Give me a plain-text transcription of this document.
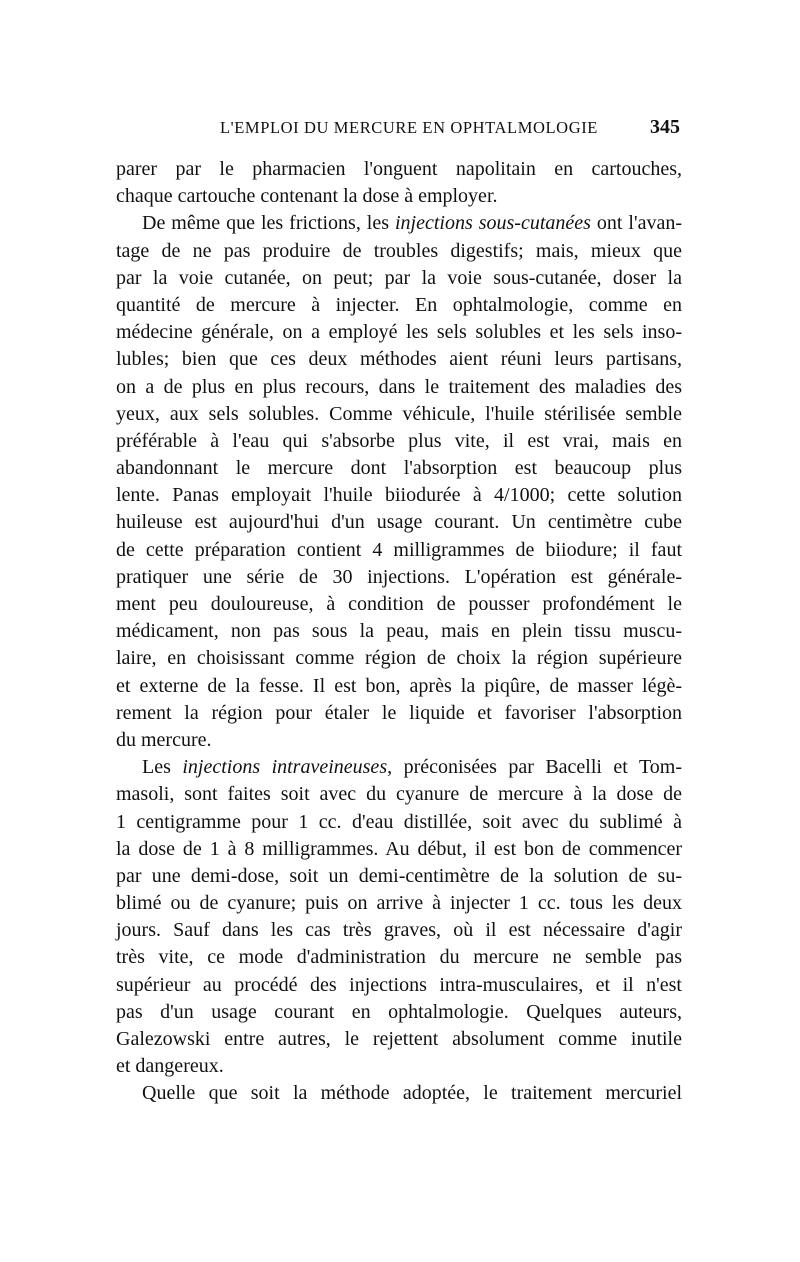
L'EMPLOI DU MERCURE EN OPHTALMOLOGIE	345
parer par le pharmacien l'onguent napolitain en cartouches,
chaque cartouche contenant la dose à employer.
De même que les frictions, les injections sous-cutanées ont l'avan-
tage de ne pas produire de troubles digestifs; mais, mieux que
par la voie cutanée, on peut; par la voie sous-cutanée, doser la
quantité de mercure à injecter. En ophtalmologie, comme en
médecine générale, on a employé les sels solubles et les sels inso-
lubles; bien que ces deux méthodes aient réuni leurs partisans,
on a de plus en plus recours, dans le traitement des maladies des
yeux, aux sels solubles. Comme véhicule, l'huile stérilisée semble
préférable à l'eau qui s'absorbe plus vite, il est vrai, mais en
abandonnant le mercure dont l'absorption est beaucoup plus
lente. Panas employait l'huile biiodurée à 4/1000; cette solution
huileuse est aujourd'hui d'un usage courant. Un centimètre cube
de cette préparation contient 4 milligrammes de biiodure; il faut
pratiquer une série de 30 injections. L'opération est générale-
ment peu douloureuse, à condition de pousser profondément le
médicament, non pas sous la peau, mais en plein tissu muscu-
laire, en choisissant comme région de choix la région supérieure
et externe de la fesse. Il est bon, après la piqûre, de masser légè-
rement la région pour étaler le liquide et favoriser l'absorption
du mercure.
Les injections intraveineuses, préconisées par Bacelli et Tom-
masoli, sont faites soit avec du cyanure de mercure à la dose de
1 centigramme pour 1 cc. d'eau distillée, soit avec du sublimé à
la dose de 1 à 8 milligrammes. Au début, il est bon de commencer
par une demi-dose, soit un demi-centimètre de la solution de su-
blimé ou de cyanure; puis on arrive à injecter 1 cc. tous les deux
jours. Sauf dans les cas très graves, où il est nécessaire d'agir
très vite, ce mode d'administration du mercure ne semble pas
supérieur au procédé des injections intra-musculaires, et il n'est
pas d'un usage courant en ophtalmologie. Quelques auteurs,
Galezowski entre autres, le rejettent absolument comme inutile
et dangereux.
Quelle que soit la méthode adoptée, le traitement mercuriel
